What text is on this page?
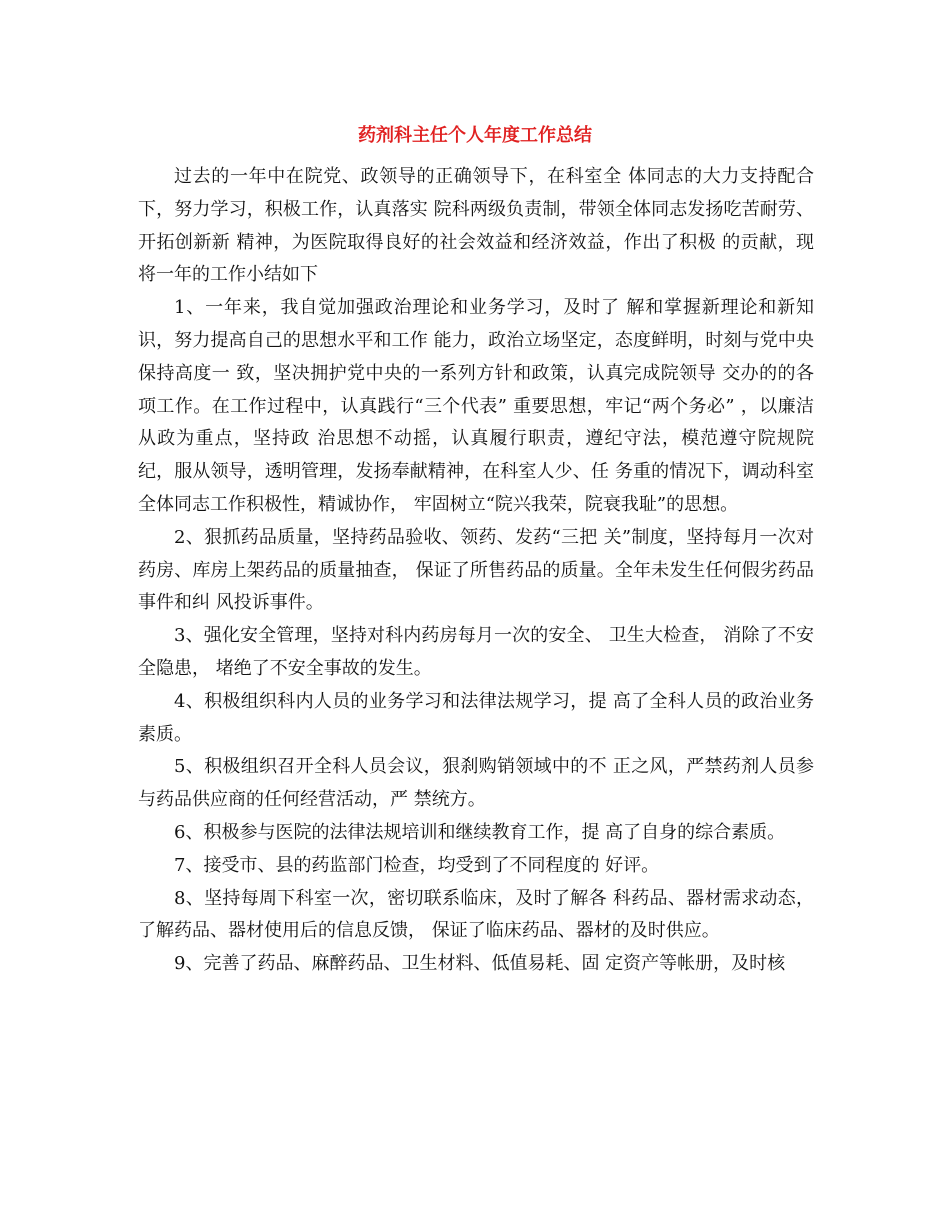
药剂科主任个人年度工作总结

过去的一年中在院党、政领导的正确领导下，在科室全 体同志的大力支持配合下，努力学习，积极工作，认真落实 院科两级负责制，带领全体同志发扬吃苦耐劳、开拓创新新 精神，为医院取得良好的社会效益和经济效益，作出了积极 的贡献，现将一年的工作小结如下

1、一年来，我自觉加强政治理论和业务学习，及时了 解和掌握新理论和新知识，努力提高自己的思想水平和工作 能力，政治立场坚定，态度鲜明，时刻与党中央保持高度一 致，坚决拥护党中央的一系列方针和政策，认真完成院领导 交办的的各项工作。在工作过程中，认真践行“三个代表” 重要思想，牢记“两个务必” ，以廉洁从政为重点，坚持政 治思想不动摇，认真履行职责，遵纪守法，模范遵守院规院 纪，服从领导，透明管理，发扬奉献精神，在科室人少、任 务重的情况下，调动科室全体同志工作积极性，精诚协作， 牢固树立“院兴我荣，院衰我耻”的思想。

2、狠抓药品质量，坚持药品验收、领药、发药“三把 关”制度，坚持每月一次对药房、库房上架药品的质量抽查， 保证了所售药品的质量。全年未发生任何假劣药品事件和纠 风投诉事件。

3、强化安全管理，坚持对科内药房每月一次的安全、 卫生大检查， 消除了不安全隐患， 堵绝了不安全事故的发生。

4、积极组织科内人员的业务学习和法律法规学习，提 高了全科人员的政治业务素质。

5、积极组织召开全科人员会议，狠刹购销领域中的不 正之风，严禁药剂人员参与药品供应商的任何经营活动，严 禁统方。

6、积极参与医院的法律法规培训和继续教育工作，提 高了自身的综合素质。

7、接受市、县的药监部门检查，均受到了不同程度的 好评。

8、坚持每周下科室一次，密切联系临床，及时了解各 科药品、器材需求动态，了解药品、器材使用后的信息反馈， 保证了临床药品、器材的及时供应。

9、完善了药品、麻醉药品、卫生材料、低值易耗、固 定资产等帐册，及时核
